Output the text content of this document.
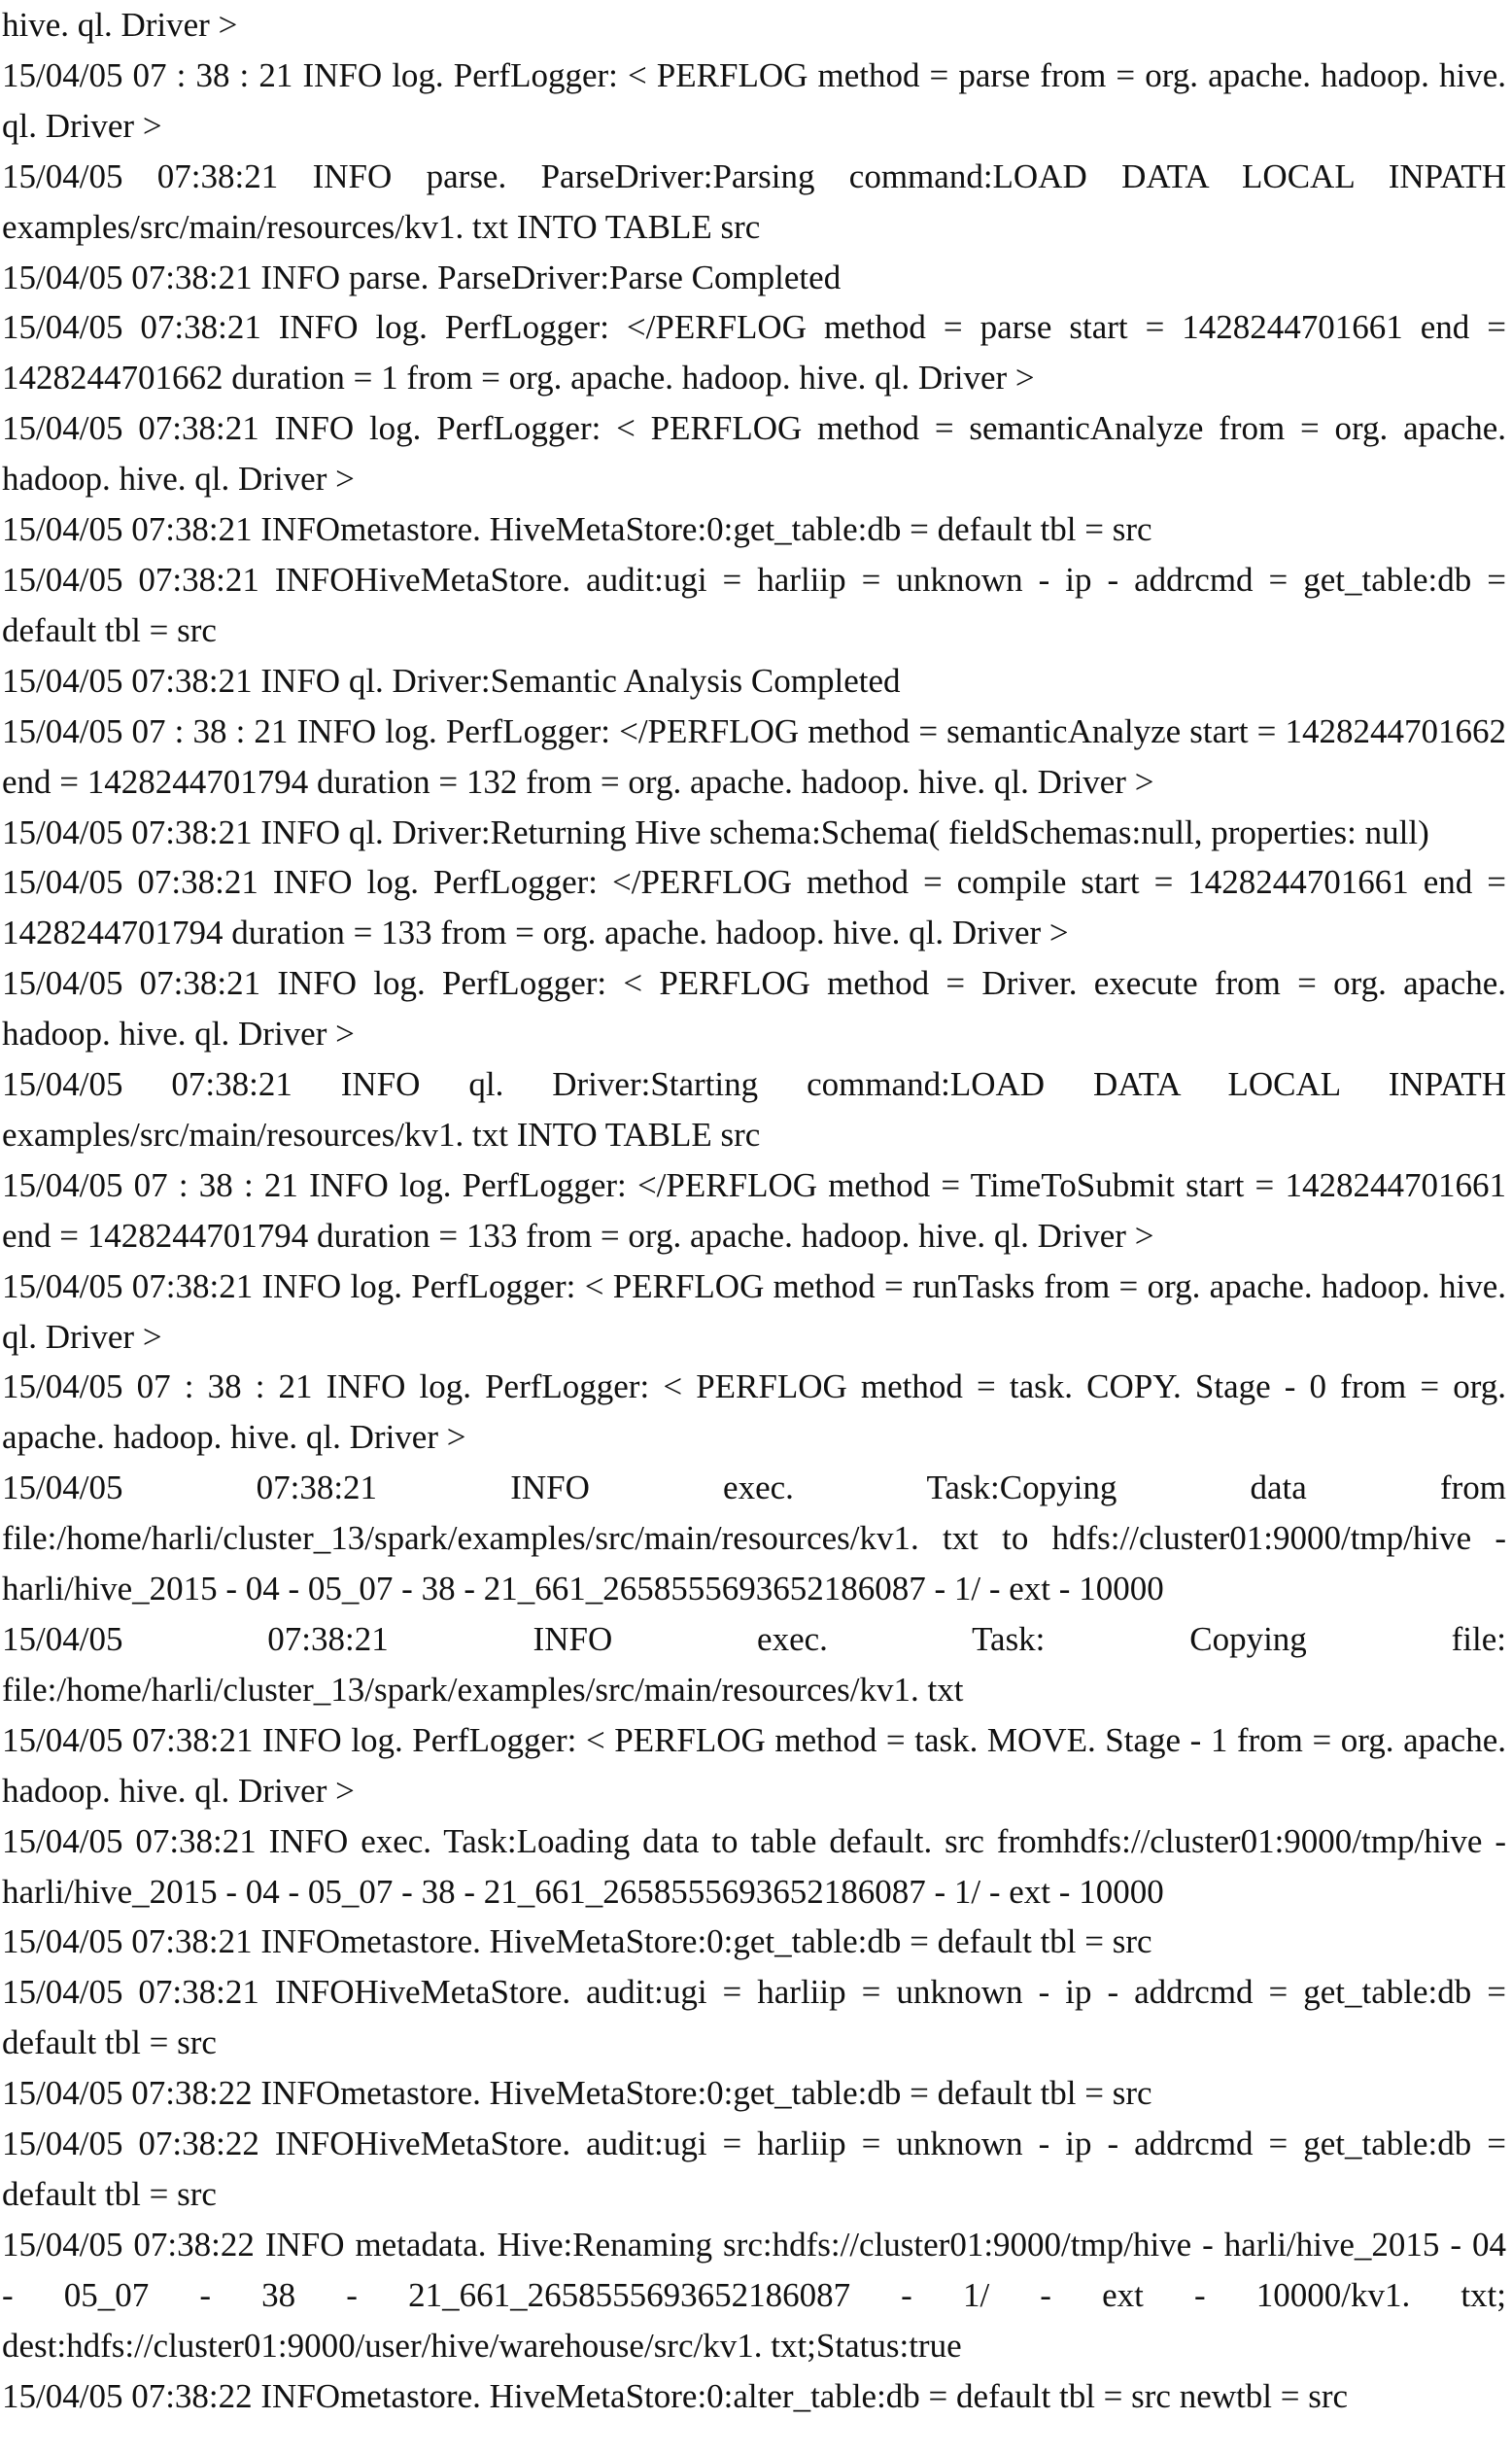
hive. ql. Driver >
15/04/05 07 : 38 : 21 INFO log. PerfLogger: < PERFLOG method = parse from = org. apache. hadoop. hive. ql. Driver >
15/04/05 07:38:21 INFO parse. ParseDriver:Parsing command:LOAD DATA LOCAL INPATH examples/src/main/resources/kv1. txt INTO TABLE src
15/04/05 07:38:21 INFO parse. ParseDriver:Parse Completed
15/04/05 07:38:21 INFO log. PerfLogger: </PERFLOG method = parse start = 1428244701661 end = 1428244701662 duration = 1 from = org. apache. hadoop. hive. ql. Driver >
15/04/05 07:38:21 INFO log. PerfLogger: < PERFLOG method = semanticAnalyze from = org. apache. hadoop. hive. ql. Driver >
15/04/05 07:38:21 INFOmetastore. HiveMetaStore:0:get_table:db = default tbl = src
15/04/05 07:38:21 INFOHiveMetaStore. audit:ugi = harliip = unknown - ip - addrcmd = get_table:db = default tbl = src
15/04/05 07:38:21 INFO ql. Driver:Semantic Analysis Completed
15/04/05 07 : 38 : 21 INFO log. PerfLogger: </PERFLOG method = semanticAnalyze start = 1428244701662 end = 1428244701794 duration = 132 from = org. apache. hadoop. hive. ql. Driver >
15/04/05 07:38:21 INFO ql. Driver:Returning Hive schema:Schema( fieldSchemas:null, properties: null)
15/04/05 07:38:21 INFO log. PerfLogger: </PERFLOG method = compile start = 1428244701661 end = 1428244701794 duration = 133 from = org. apache. hadoop. hive. ql. Driver >
15/04/05 07:38:21 INFO log. PerfLogger: < PERFLOG method = Driver. execute from = org. apache. hadoop. hive. ql. Driver >
15/04/05 07:38:21 INFO ql. Driver:Starting command:LOAD DATA LOCAL INPATH examples/src/main/resources/kv1. txt INTO TABLE src
15/04/05 07 : 38 : 21 INFO log. PerfLogger: </PERFLOG method = TimeToSubmit start = 1428244701661 end = 1428244701794 duration = 133 from = org. apache. hadoop. hive. ql. Driver >
15/04/05 07:38:21 INFO log. PerfLogger: < PERFLOG method = runTasks from = org. apache. hadoop. hive. ql. Driver >
15/04/05 07 : 38 : 21 INFO log. PerfLogger: < PERFLOG method = task. COPY. Stage - 0 from = org. apache. hadoop. hive. ql. Driver >
15/04/05 07:38:21 INFO exec. Task:Copying data from file:/home/harli/cluster_13/spark/examples/src/main/resources/kv1. txt to hdfs://cluster01:9000/tmp/hive - harli/hive_2015 - 04 - 05_07 - 38 - 21_661_2658555693652186087 - 1/ - ext - 10000
15/04/05 07:38:21 INFO exec. Task: Copying file: file:/home/harli/cluster_13/spark/examples/src/main/resources/kv1. txt
15/04/05 07:38:21 INFO log. PerfLogger: < PERFLOG method = task. MOVE. Stage - 1 from = org. apache. hadoop. hive. ql. Driver >
15/04/05 07:38:21 INFO exec. Task:Loading data to table default. src fromhdfs://cluster01:9000/tmp/hive - harli/hive_2015 - 04 - 05_07 - 38 - 21_661_2658555693652186087 - 1/ - ext - 10000
15/04/05 07:38:21 INFOmetastore. HiveMetaStore:0:get_table:db = default tbl = src
15/04/05 07:38:21 INFOHiveMetaStore. audit:ugi = harliip = unknown - ip - addrcmd = get_table:db = default tbl = src
15/04/05 07:38:22 INFOmetastore. HiveMetaStore:0:get_table:db = default tbl = src
15/04/05 07:38:22 INFOHiveMetaStore. audit:ugi = harliip = unknown - ip - addrcmd = get_table:db = default tbl = src
15/04/05 07:38:22 INFO metadata. Hive:Renaming src:hdfs://cluster01:9000/tmp/hive - harli/hive_2015 - 04 - 05_07 - 38 - 21_661_2658555693652186087 - 1/ - ext - 10000/kv1. txt; dest:hdfs://cluster01:9000/user/hive/warehouse/src/kv1. txt;Status:true
15/04/05 07:38:22 INFOmetastore. HiveMetaStore:0:alter_table:db = default tbl = src newtbl = src
